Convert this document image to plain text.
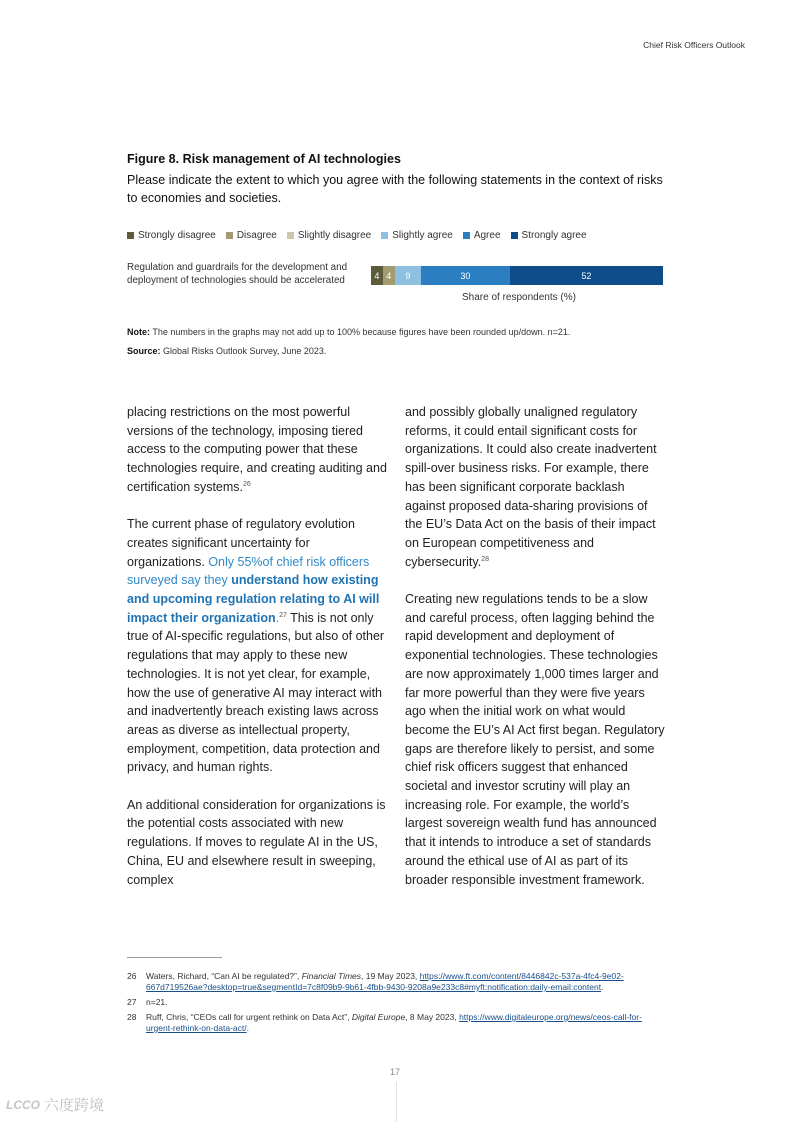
Chief Risk Officers Outlook
Figure 8. Risk management of AI technologies
Please indicate the extent to which you agree with the following statements in the context of risks to economies and societies.
Strongly disagree Disagree Slightly disagree Slightly agree Agree Strongly agree
Regulation and guardrails for the development and deployment of technologies should be accelerated	4 4 9	30	52
Share of respondents (%)
Note: The numbers in the graphs may not add up to 100% because figures have been rounded up/down. n=21.
Source: Global Risks Outlook Survey, June 2023.

placing restrictions on the most powerful versions of the technology, imposing tiered access to the computing power that these technologies require, and creating auditing and certification systems.$^{26}$

The current phase of regulatory evolution creates significant uncertainty for organizations. Only 55%of chief risk officers surveyed say they understand how existing and upcoming regulation relating to AI will impact their organization.$^{27}$ This is not only true of AI-specific regulations, but also of other regulations that may apply to these new technologies. It is not yet clear, for example, how the use of generative AI may interact with and inadvertently breach existing laws across areas as diverse as intellectual property, employment, competition, data protection and privacy, and human rights.

An additional consideration for organizations is the potential costs associated with new regulations. If moves to regulate AI in the US, China, EU and elsewhere result in sweeping, complex

and possibly globally unaligned regulatory reforms, it could entail significant costs for organizations. It could also create inadvertent spill-over business risks. For example, there has been significant corporate backlash against proposed data-sharing provisions of the EU’s Data Act on the basis of their impact on European competitiveness and cybersecurity.$^{28}$

Creating new regulations tends to be a slow and careful process, often lagging behind the rapid development and deployment of exponential technologies. These technologies are now approximately 1,000 times larger and far more powerful than they were five years ago when the initial work on what would become the EU’s AI Act first began. Regulatory gaps are therefore likely to persist, and some chief risk officers suggest that enhanced societal and investor scrutiny will play an increasing role. For example, the world’s largest sovereign wealth fund has announced that it intends to introduce a set of standards around the ethical use of AI as part of its broader responsible investment framework.

26	Waters, Richard, “Can AI be regulated?”, Financial Times, 19 May 2023, https://www.ft.com/content/8446842c-537a-4fc4-9e02-667d719526ae?desktop=true&segmentId=7c8f09b9-9b61-4fbb-9430-9208a9e233c8#myft:notification:daily-email:content.
27	n=21.
28	Ruff, Chris, “CEOs call for urgent rethink on Data Act”, Digital Europe, 8 May 2023, https://www.digitaleurope.org/news/ceos-call-for-urgent-rethink-on-data-act/.
17
LCCO 六度跨境
